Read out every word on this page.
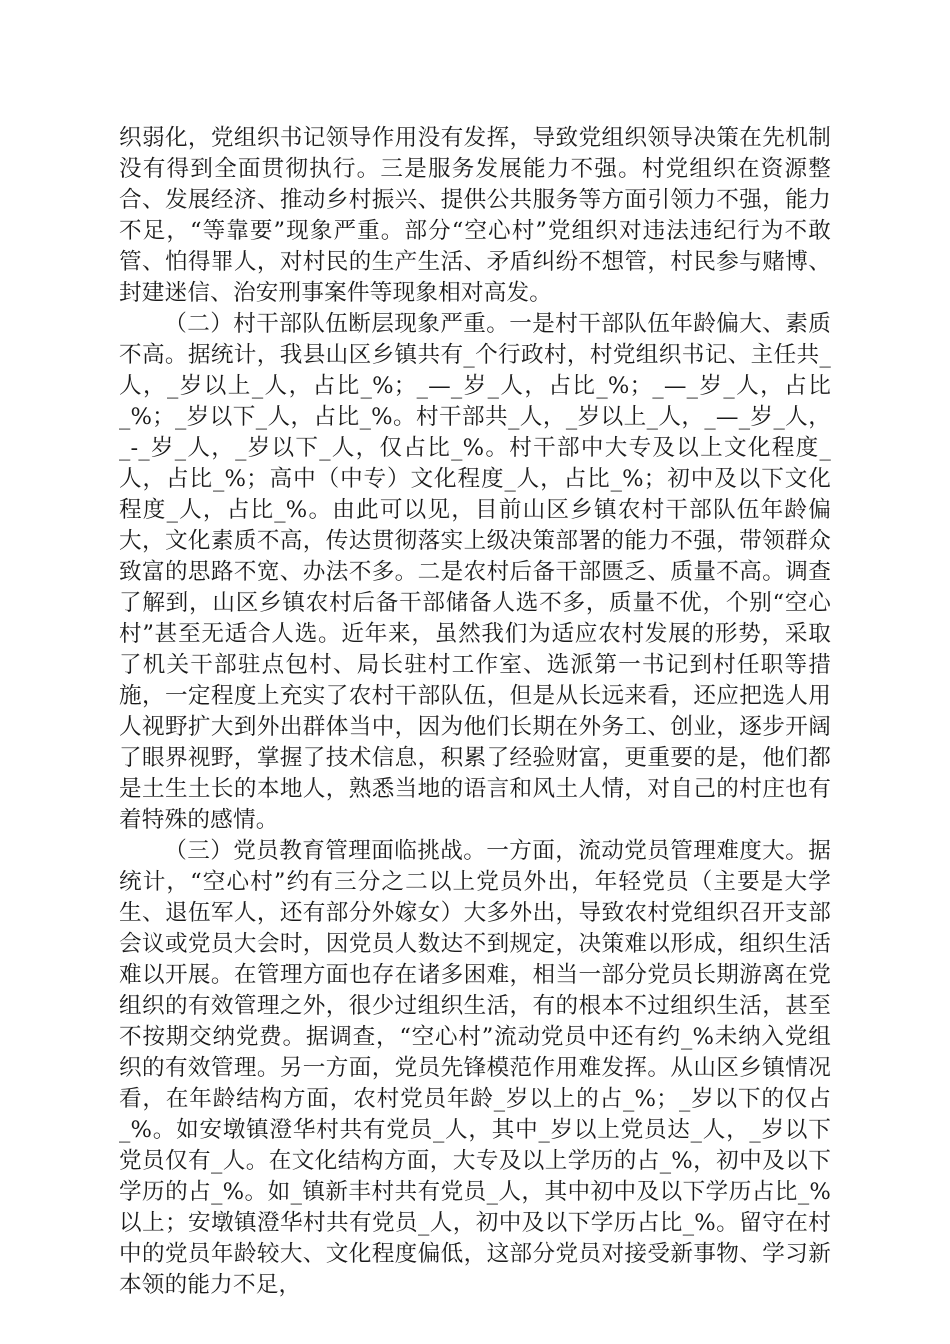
织弱化，党组织书记领导作用没有发挥，导致党组织领导决策在先机制没有得到全面贯彻执行。三是服务发展能力不强。村党组织在资源整合、发展经济、推动乡村振兴、提供公共服务等方面引领力不强，能力不足，“等靠要”现象严重。部分“空心村”党组织对违法违纪行为不敢管、怕得罪人，对村民的生产生活、矛盾纠纷不想管，村民参与赌博、封建迷信、治安刑事案件等现象相对高发。

（二）村干部队伍断层现象严重。一是村干部队伍年龄偏大、素质不高。据统计，我县山区乡镇共有_个行政村，村党组织书记、主任共_人，_岁以上_人，占比_%；_—_岁_人，占比_%；_—_岁_人，占比_%；_岁以下_人，占比_%。村干部共_人，_岁以上_人，_—_岁_人，_-_岁_人，_岁以下_人，仅占比_%。村干部中大专及以上文化程度_人，占比_%；高中（中专）文化程度_人，占比_%；初中及以下文化程度_人，占比_%。由此可以见，目前山区乡镇农村干部队伍年龄偏大，文化素质不高，传达贯彻落实上级决策部署的能力不强，带领群众致富的思路不宽、办法不多。二是农村后备干部匮乏、质量不高。调查了解到，山区乡镇农村后备干部储备人选不多，质量不优，个别“空心村”甚至无适合人选。近年来，虽然我们为适应农村发展的形势，采取了机关干部驻点包村、局长驻村工作室、选派第一书记到村任职等措施，一定程度上充实了农村干部队伍，但是从长远来看，还应把选人用人视野扩大到外出群体当中，因为他们长期在外务工、创业，逐步开阔了眼界视野，掌握了技术信息，积累了经验财富，更重要的是，他们都是土生土长的本地人，熟悉当地的语言和风土人情，对自己的村庄也有着特殊的感情。

（三）党员教育管理面临挑战。一方面，流动党员管理难度大。据统计，“空心村”约有三分之二以上党员外出，年轻党员（主要是大学生、退伍军人，还有部分外嫁女）大多外出，导致农村党组织召开支部会议或党员大会时，因党员人数达不到规定，决策难以形成，组织生活难以开展。在管理方面也存在诸多困难，相当一部分党员长期游离在党组织的有效管理之外，很少过组织生活，有的根本不过组织生活，甚至不按期交纳党费。据调查，“空心村”流动党员中还有约_%未纳入党组织的有效管理。另一方面，党员先锋模范作用难发挥。从山区乡镇情况看，在年龄结构方面，农村党员年龄_岁以上的占_%；_岁以下的仅占_%。如安墩镇澄华村共有党员_人，其中_岁以上党员达_人，_岁以下党员仅有_人。在文化结构方面，大专及以上学历的占_%，初中及以下学历的占_%。如_镇新丰村共有党员_人，其中初中及以下学历占比_%以上；安墩镇澄华村共有党员_人，初中及以下学历占比_%。留守在村中的党员年龄较大、文化程度偏低，这部分党员对接受新事物、学习新本领的能力不足，
